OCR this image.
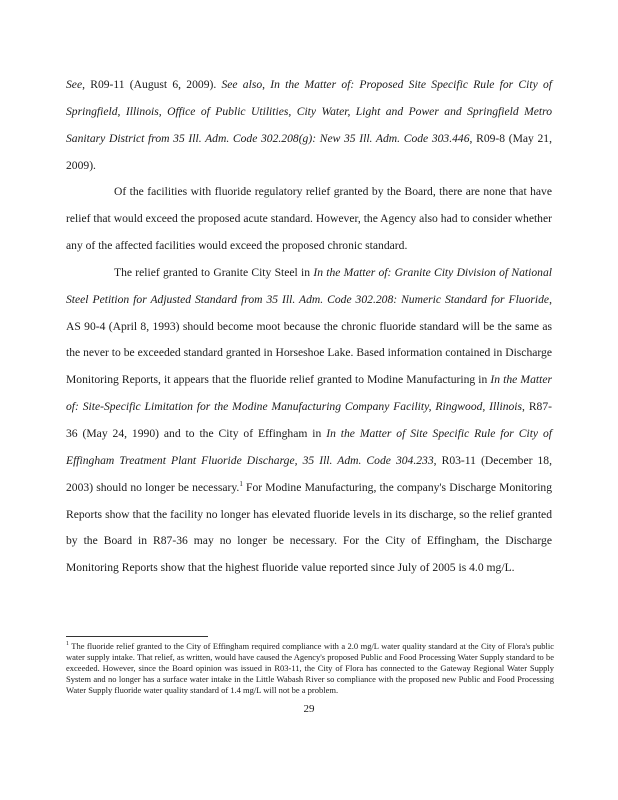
See, R09-11 (August 6, 2009). See also, In the Matter of: Proposed Site Specific Rule for City of Springfield, Illinois, Office of Public Utilities, City Water, Light and Power and Springfield Metro Sanitary District from 35 Ill. Adm. Code 302.208(g): New 35 Ill. Adm. Code 303.446, R09-8 (May 21, 2009).

Of the facilities with fluoride regulatory relief granted by the Board, there are none that have relief that would exceed the proposed acute standard. However, the Agency also had to consider whether any of the affected facilities would exceed the proposed chronic standard.

The relief granted to Granite City Steel in In the Matter of: Granite City Division of National Steel Petition for Adjusted Standard from 35 Ill. Adm. Code 302.208: Numeric Standard for Fluoride, AS 90-4 (April 8, 1993) should become moot because the chronic fluoride standard will be the same as the never to be exceeded standard granted in Horseshoe Lake. Based information contained in Discharge Monitoring Reports, it appears that the fluoride relief granted to Modine Manufacturing in In the Matter of: Site-Specific Limitation for the Modine Manufacturing Company Facility, Ringwood, Illinois, R87-36 (May 24, 1990) and to the City of Effingham in In the Matter of Site Specific Rule for City of Effingham Treatment Plant Fluoride Discharge, 35 Ill. Adm. Code 304.233, R03-11 (December 18, 2003) should no longer be necessary.$^1$ For Modine Manufacturing, the company's Discharge Monitoring Reports show that the facility no longer has elevated fluoride levels in its discharge, so the relief granted by the Board in R87-36 may no longer be necessary. For the City of Effingham, the Discharge Monitoring Reports show that the highest fluoride value reported since July of 2005 is 4.0 mg/L.

$^1$ The fluoride relief granted to the City of Effingham required compliance with a 2.0 mg/L water quality standard at the City of Flora's public water supply intake. That relief, as written, would have caused the Agency's proposed Public and Food Processing Water Supply standard to be exceeded. However, since the Board opinion was issued in R03-11, the City of Flora has connected to the Gateway Regional Water Supply System and no longer has a surface water intake in the Little Wabash River so compliance with the proposed new Public and Food Processing Water Supply fluoride water quality standard of 1.4 mg/L will not be a problem.

29
